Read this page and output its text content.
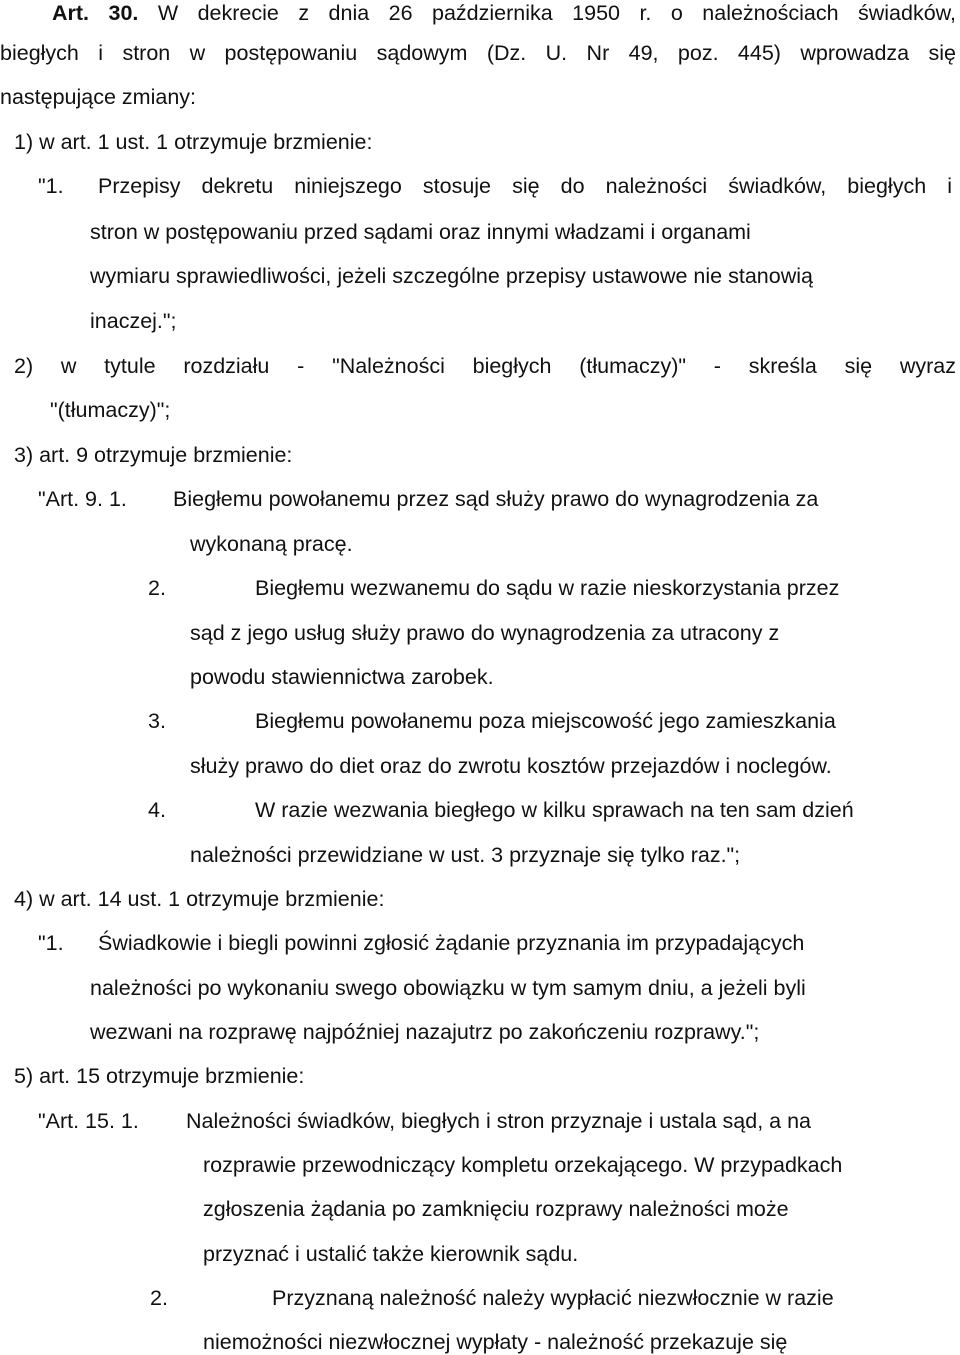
Art. 30. W dekrecie z dnia 26 października 1950 r. o należnościach świadków,
biegłych i stron w postępowaniu sądowym (Dz. U. Nr 49, poz. 445) wprowadza się
następujące zmiany:
1) w art. 1 ust. 1 otrzymuje brzmienie:
"1. Przepisy dekretu niniejszego stosuje się do należności świadków, biegłych i
stron w postępowaniu przed sądami oraz innymi władzami i organami
wymiaru sprawiedliwości, jeżeli szczególne przepisy ustawowe nie stanowią
inaczej.";
2) w tytule rozdziału - "Należności biegłych (tłumaczy)" - skreśla się wyraz
"(tłumaczy)";
3) art. 9 otrzymuje brzmienie:
"Art. 9. 1. Biegłemu powołanemu przez sąd służy prawo do wynagrodzenia za
wykonaną pracę.
2.	Biegłemu wezwanemu do sądu w razie nieskorzystania przez
sąd z jego usług służy prawo do wynagrodzenia za utracony z
powodu stawiennictwa zarobek.
3.	Biegłemu powołanemu poza miejscowość jego zamieszkania
służy prawo do diet oraz do zwrotu kosztów przejazdów i noclegów.
4.	W razie wezwania biegłego w kilku sprawach na ten sam dzień
należności przewidziane w ust. 3 przyznaje się tylko raz.";
4) w art. 14 ust. 1 otrzymuje brzmienie:
"1. Świadkowie i biegli powinni zgłosić żądanie przyznania im przypadających
należności po wykonaniu swego obowiązku w tym samym dniu, a jeżeli byli
wezwani na rozprawę najpóźniej nazajutrz po zakończeniu rozprawy.";
5) art. 15 otrzymuje brzmienie:
"Art. 15. 1. Należności świadków, biegłych i stron przyznaje i ustala sąd, a na
rozprawie przewodniczący kompletu orzekającego. W przypadkach
zgłoszenia żądania po zamknięciu rozprawy należności może
przyznać i ustalić także kierownik sądu.
2.	Przyznaną należność należy wypłacić niezwłocznie w razie
niemożności niezwłocznej wypłaty - należność przekazuje się
